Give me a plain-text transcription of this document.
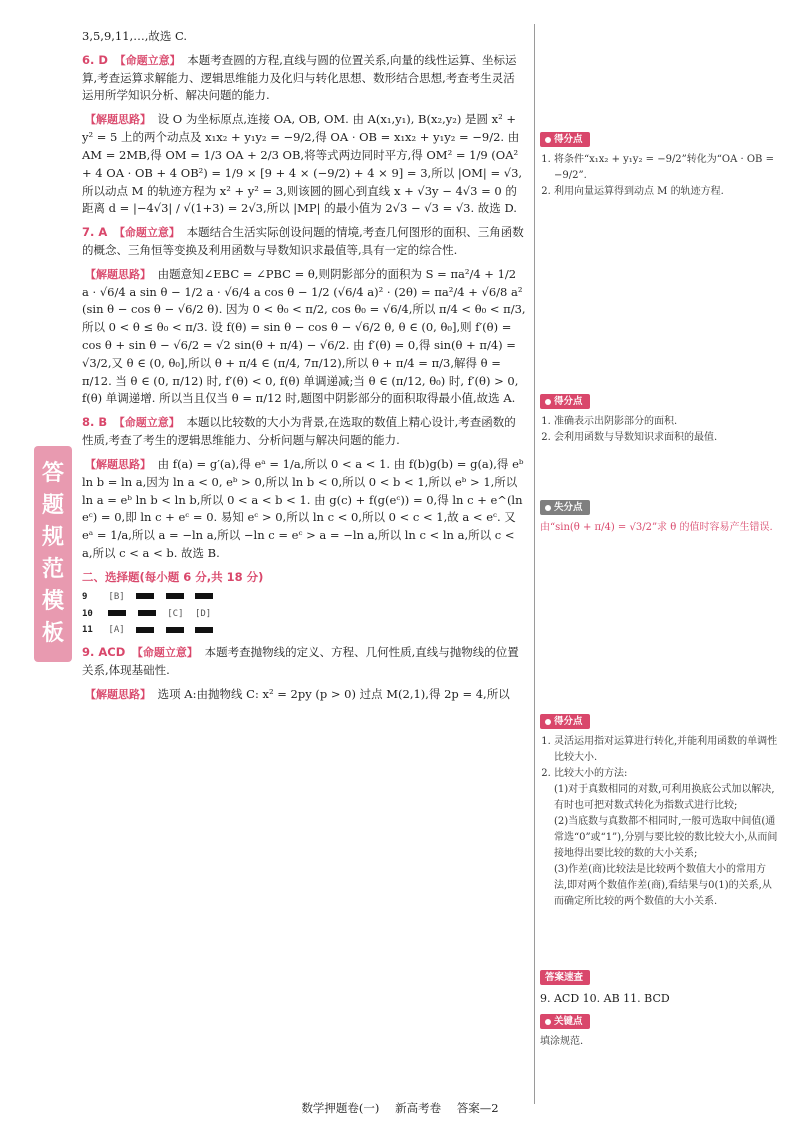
答
题
规
范
模
板
3,5,9,11,…,故选 C.
6. D 【命题立意】 本题考查圆的方程,直线与圆的位置关系,向量的线性运算、坐标运算,考查运算求解能力、逻辑思维能力及化归与转化思想、数形结合思想,考查考生灵活运用所学知识分析、解决问题的能力.
【解题思路】 设 O 为坐标原点,连接 OA, OB, OM. 由 A(x₁,y₁), B(x₂,y₂) 是圆 x² + y² = 5 上的两个动点及 x₁x₂ + y₁y₂ = −9/2,得 OA · OB = x₁x₂ + y₁y₂ = −9/2. 由 AM = 2MB,得 OM = 1/3 OA + 2/3 OB,将等式两边同时平方,得 OM² = 1/9 (OA² + 4 OA · OB + 4 OB²) = 1/9 × [9 + 4 × (−9/2) + 4 × 9] = 3,所以 |OM| = √3,所以动点 M 的轨迹方程为 x² + y² = 3,则该圆的圆心到直线 x + √3y − 4√3 = 0 的距离 d = |−4√3| / √(1+3) = 2√3,所以 |MP| 的最小值为 2√3 − √3 = √3. 故选 D.
7. A 【命题立意】 本题结合生活实际创设问题的情境,考查几何图形的面积、三角函数的概念、三角恒等变换及利用函数与导数知识求最值等,具有一定的综合性.
【解题思路】 由题意知∠EBC = ∠PBC = θ,则阴影部分的面积为 S = πa²/4 + 1/2 a · √6/4 a sin θ − 1/2 a · √6/4 a cos θ − 1/2 (√6/4 a)² · (2θ) = πa²/4 + √6/8 a² (sin θ − cos θ − √6/2 θ). 因为 0 < θ₀ < π/2, cos θ₀ = √6/4,所以 π/4 < θ₀ < π/3,所以 0 < θ ≤ θ₀ < π/3. 设 f(θ) = sin θ − cos θ − √6/2 θ, θ ∈ (0, θ₀],则 f′(θ) = cos θ + sin θ − √6/2 = √2 sin(θ + π/4) − √6/2. 由 f′(θ) = 0,得 sin(θ + π/4) = √3/2,又 θ ∈ (0, θ₀],所以 θ + π/4 ∈ (π/4, 7π/12),所以 θ + π/4 = π/3,解得 θ = π/12. 当 θ ∈ (0, π/12) 时, f′(θ) < 0, f(θ) 单调递减;当 θ ∈ (π/12, θ₀) 时, f′(θ) > 0, f(θ) 单调递增. 所以当且仅当 θ = π/12 时,题图中阴影部分的面积取得最小值,故选 A.
8. B 【命题立意】 本题以比较数的大小为背景,在选取的数值上精心设计,考查函数的性质,考查了考生的逻辑思维能力、分析问题与解决问题的能力.
【解题思路】 由 f(a) = g′(a),得 eᵃ = 1/a,所以 0 < a < 1. 由 f(b)g(b) = g(a),得 eᵇ ln b = ln a,因为 ln a < 0, eᵇ > 0,所以 ln b < 0,所以 0 < b < 1,所以 eᵇ > 1,所以 ln a = eᵇ ln b < ln b,所以 0 < a < b < 1. 由 g(c) + f(g(eᶜ)) = 0,得 ln c + e^(ln eᶜ) = 0,即 ln c + eᶜ = 0. 易知 eᶜ > 0,所以 ln c < 0,所以 0 < c < 1,故 a < eᶜ. 又 eᵃ = 1/a,所以 a = −ln a,所以 −ln c = eᶜ > a = −ln a,所以 ln c < ln a,所以 c < a,所以 c < a < b. 故选 B.
二、选择题(每小题 6 分,共 18 分)
9 [B]
10	[C] [D]
11 [A]
9. ACD 【命题立意】 本题考查抛物线的定义、方程、几何性质,直线与抛物线的位置关系,体现基础性.
【解题思路】 选项 A:由抛物线 C: x² = 2py (p > 0) 过点 M(2,1),得 2p = 4,所以
得分点
1. 将条件“x₁x₂ + y₁y₂ = −9/2”转化为“OA · OB = −9/2”.
2. 利用向量运算得到动点 M 的轨迹方程.
得分点
1. 准确表示出阴影部分的面积.
2. 会利用函数与导数知识求面积的最值.
失分点

由“sin(θ + π/4) = √3/2”求 θ 的值时容易产生错误.

得分点
1. 灵活运用指对运算进行转化,并能利用函数的单调性比较大小.
2. 比较大小的方法:
(1)对于真数相同的对数,可利用换底公式加以解决,有时也可把对数式转化为指数式进行比较;
(2)当底数与真数都不相同时,一般可选取中间值(通常选“0”或“1”),分别与要比较的数比较大小,从而间接地得出要比较的数的大小关系;
(3)作差(商)比较法是比较两个数值大小的常用方法,即对两个数值作差(商),看结果与0(1)的关系,从而确定所比较的两个数值的大小关系.
答案速查

9. ACD 10. AB 11. BCD

关键点

填涂规范.

数学押题卷(一) 新高考卷 答案—2
